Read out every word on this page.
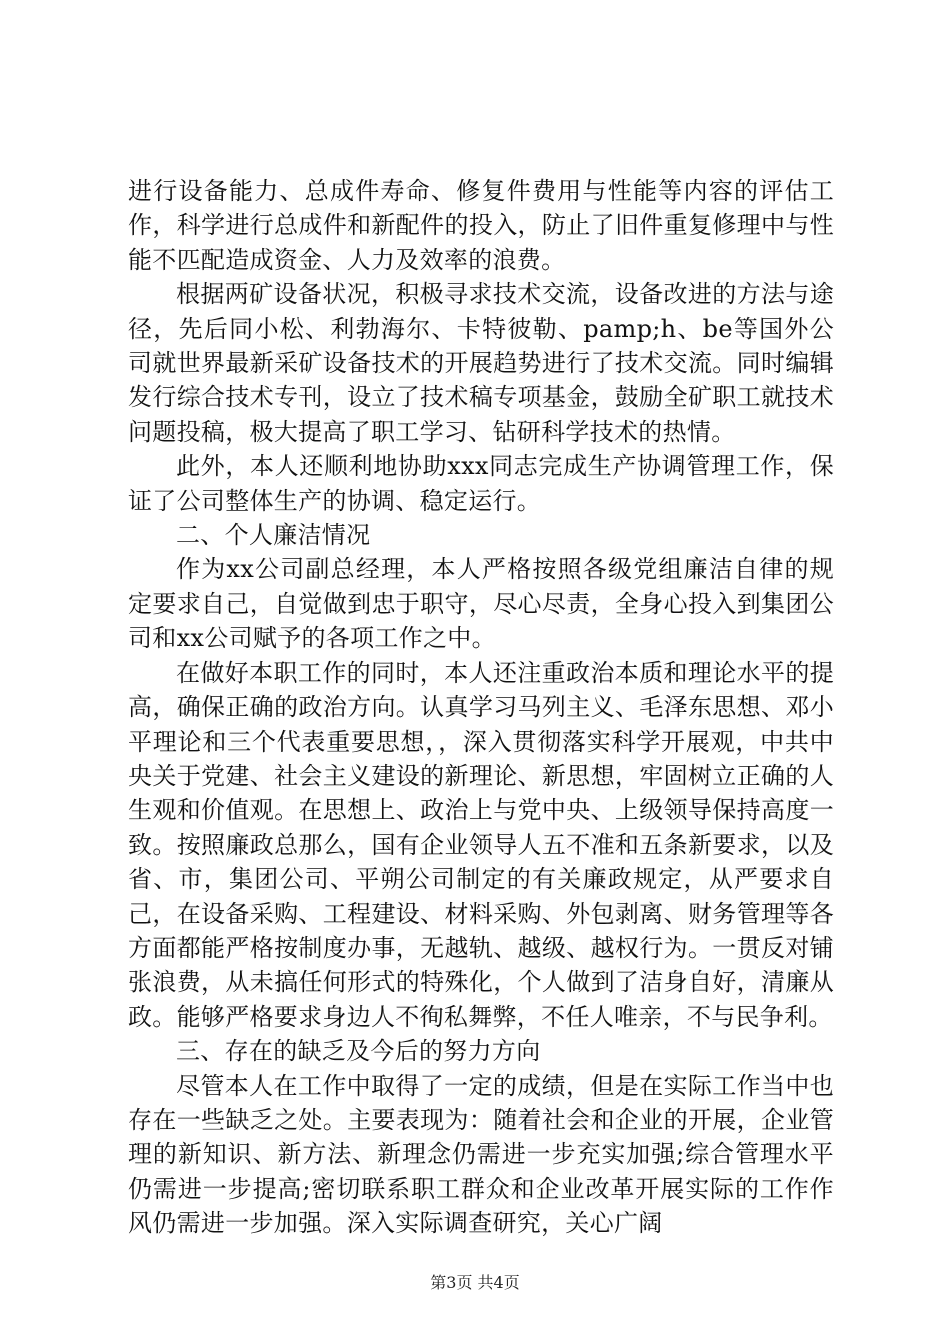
进行设备能力、总成件寿命、修复件费用与性能等内容的评估工作，科学进行总成件和新配件的投入，防止了旧件重复修理中与性能不匹配造成资金、人力及效率的浪费。

根据两矿设备状况，积极寻求技术交流，设备改进的方法与途径，先后同小松、利勃海尔、卡特彼勒、pamp;h、be等国外公司就世界最新采矿设备技术的开展趋势进行了技术交流。同时编辑发行综合技术专刊，设立了技术稿专项基金，鼓励全矿职工就技术问题投稿，极大提高了职工学习、钻研科学技术的热情。

此外，本人还顺利地协助xxx同志完成生产协调管理工作，保证了公司整体生产的协调、稳定运行。

二、个人廉洁情况

作为xx公司副总经理，本人严格按照各级党组廉洁自律的规定要求自己，自觉做到忠于职守，尽心尽责，全身心投入到集团公司和xx公司赋予的各项工作之中。

在做好本职工作的同时，本人还注重政治本质和理论水平的提高，确保正确的政治方向。认真学习马列主义、毛泽东思想、邓小平理论和三个代表重要思想，，深入贯彻落实科学开展观，中共中央关于党建、社会主义建设的新理论、新思想，牢固树立正确的人生观和价值观。在思想上、政治上与党中央、上级领导保持高度一致。按照廉政总那么，国有企业领导人五不准和五条新要求，以及省、市，集团公司、平朔公司制定的有关廉政规定，从严要求自己，在设备采购、工程建设、材料采购、外包剥离、财务管理等各方面都能严格按制度办事，无越轨、越级、越权行为。一贯反对铺张浪费，从未搞任何形式的特殊化，个人做到了洁身自好，清廉从政。能够严格要求身边人不徇私舞弊，不任人唯亲，不与民争利。

三、存在的缺乏及今后的努力方向

尽管本人在工作中取得了一定的成绩，但是在实际工作当中也存在一些缺乏之处。主要表现为：随着社会和企业的开展，企业管理的新知识、新方法、新理念仍需进一步充实加强;综合管理水平仍需进一步提高;密切联系职工群众和企业改革开展实际的工作作风仍需进一步加强。深入实际调查研究，关心广阔

第3页 共4页
